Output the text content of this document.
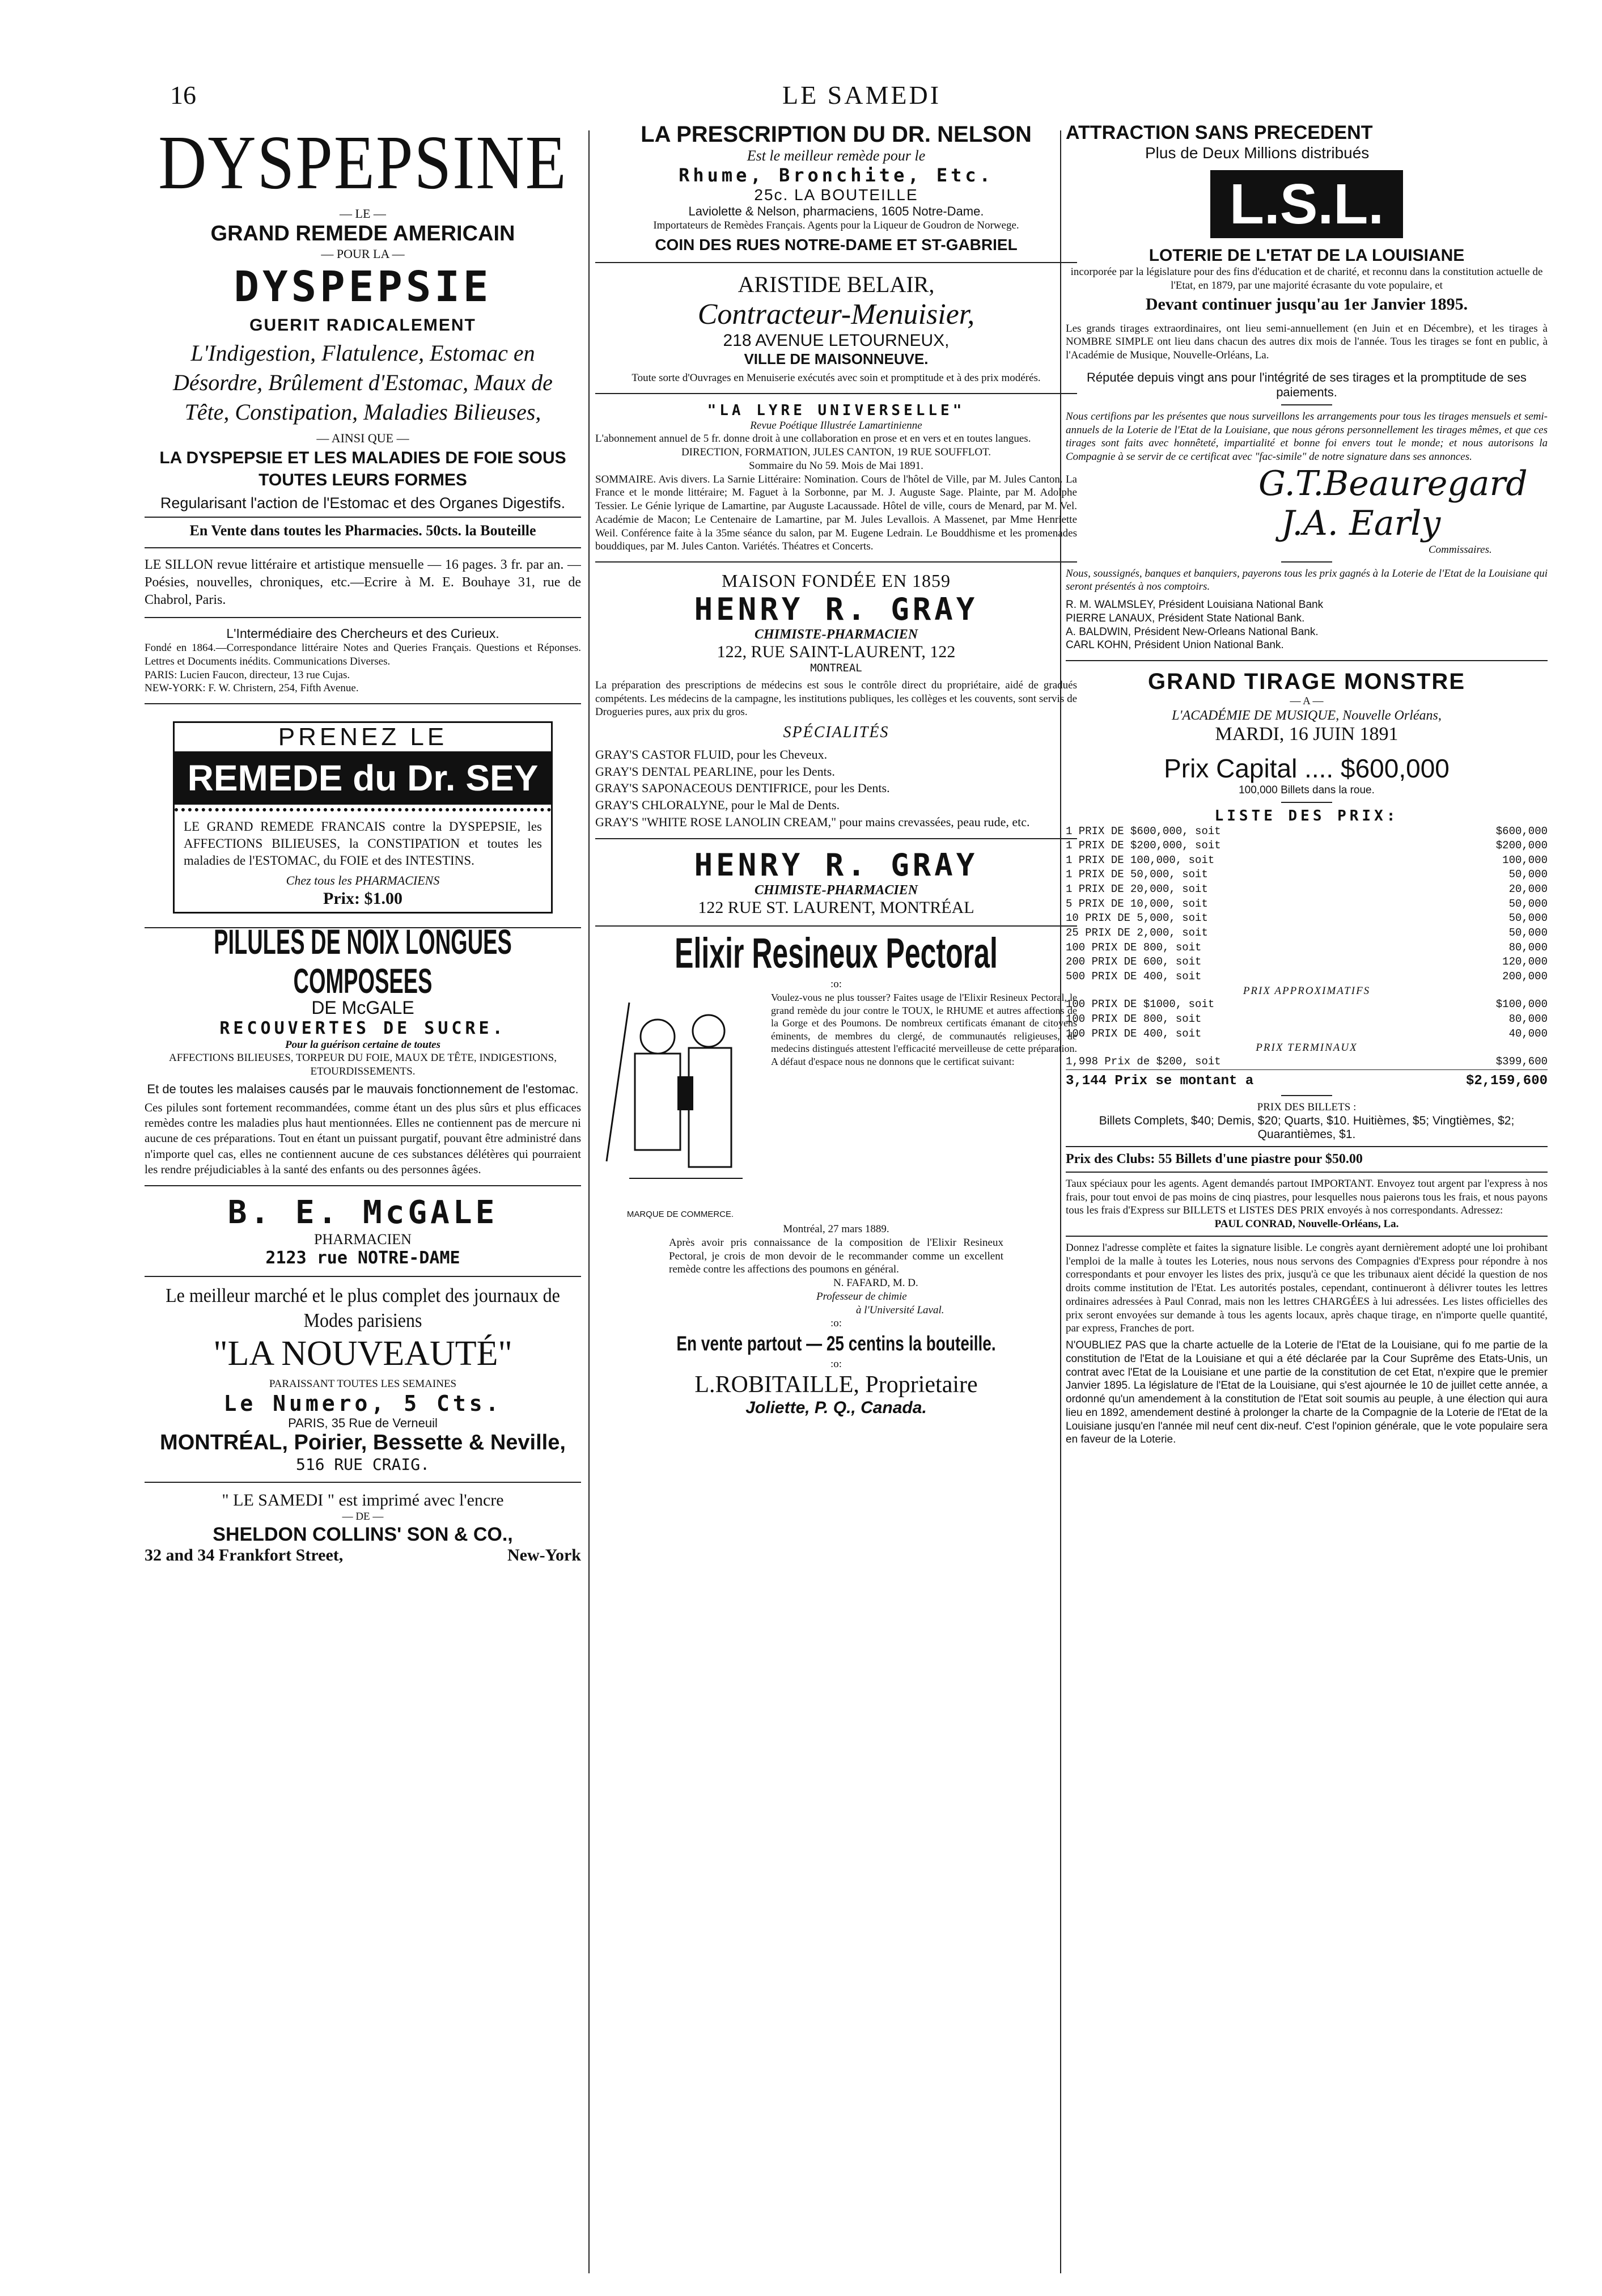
16	LE SAMEDI
DYSPEPSINE
— LE —
GRAND REMEDE AMERICAIN
— POUR LA —
DYSPEPSIE
GUERIT RADICALEMENT
L'Indigestion, Flatulence, Estomac en Désordre, Brûlement d'Estomac, Maux de Tête, Constipation, Maladies Bilieuses,
— AINSI QUE —
LA DYSPEPSIE ET LES MALADIES DE FOIE SOUS TOUTES LEURS FORMES
Regularisant l'action de l'Estomac et des Organes Digestifs.
En Vente dans toutes les Pharmacies. 50cts. la Bouteille
LE SILLON revue littéraire et artistique mensuelle — 16 pages. 3 fr. par an. —Poésies, nouvelles, chroniques, etc.—Ecrire à M. E. Bouhaye 31, rue de Chabrol, Paris.
L'Intermédiaire des Chercheurs et des Curieux.
Fondé en 1864.—Correspondance littéraire Notes and Queries Français. Questions et Réponses. Lettres et Documents inédits. Communications Diverses.
PARIS: Lucien Faucon, directeur, 13 rue Cujas.
NEW-YORK: F. W. Christern, 254, Fifth Avenue.
PRENEZ LE
REMEDE du Dr. SEY
LE GRAND REMEDE FRANCAIS contre la DYSPEPSIE, les AFFECTIONS BILIEUSES, la CONSTIPATION et toutes les maladies de l'ESTOMAC, du FOIE et des INTESTINS.
Chez tous les PHARMACIENS
Prix: $1.00
PILULES DE NOIX LONGUES COMPOSEES
DE McGALE
RECOUVERTES DE SUCRE.
Pour la guérison certaine de toutes
AFFECTIONS BILIEUSES, TORPEUR DU FOIE, MAUX DE TÊTE, INDIGESTIONS, ETOURDISSEMENTS.
Et de toutes les malaises causés par le mauvais fonctionnement de l'estomac.
Ces pilules sont fortement recommandées, comme étant un des plus sûrs et plus efficaces remèdes contre les maladies plus haut mentionnées. Elles ne contiennent pas de mercure ni aucune de ces préparations. Tout en étant un puissant purgatif, pouvant être administré dans n'importe quel cas, elles ne contiennent aucune de ces substances délétères qui pourraient les rendre préjudiciables à la santé des enfants ou des personnes âgées.
B. E. McGALE
PHARMACIEN
2123 rue NOTRE-DAME
Le meilleur marché et le plus complet des journaux de Modes parisiens
"LA NOUVEAUTÉ"
PARAISSANT TOUTES LES SEMAINES
Le Numero, 5 Cts.
PARIS, 35 Rue de Verneuil
MONTRÉAL, Poirier, Bessette & Neville,
516 RUE CRAIG.
" LE SAMEDI " est imprimé avec l'encre
— DE —
SHELDON COLLINS' SON & CO.,
32 and 34 Frankfort Street,	New-York
LA PRESCRIPTION DU DR. NELSON
Est le meilleur remède pour le
Rhume, Bronchite, Etc.
25c. LA BOUTEILLE
Laviolette & Nelson, pharmaciens, 1605 Notre-Dame.
Importateurs de Remèdes Français. Agents pour la Liqueur de Goudron de Norwege.
COIN DES RUES NOTRE-DAME ET ST-GABRIEL
ARISTIDE BELAIR,
Contracteur-Menuisier,
218 AVENUE LETOURNEUX,
VILLE DE MAISONNEUVE.
Toute sorte d'Ouvrages en Menuiserie exécutés avec soin et promptitude et à des prix modérés.
"LA LYRE UNIVERSELLE"
Revue Poétique Illustrée Lamartinienne
L'abonnement annuel de 5 fr. donne droit à une collaboration en prose et en vers et en toutes langues.
DIRECTION, FORMATION, JULES CANTON, 19 RUE SOUFFLOT.
Sommaire du No 59. Mois de Mai 1891.
SOMMAIRE. Avis divers. La Sarnie Littéraire: Nomination. Cours de l'hôtel de Ville, par M. Jules Canton. La France et le monde littéraire; M. Faguet à la Sorbonne, par M. J. Auguste Sage. Plainte, par M. Adolphe Tessier. Le Génie lyrique de Lamartine, par Auguste Lacaussade. Hôtel de ville, cours de Menard, par M. Vel. Académie de Macon; Le Centenaire de Lamartine, par M. Jules Levallois. A Massenet, par Mme Henriette Weil. Conférence faite à la 35me séance du salon, par M. Eugene Ledrain. Le Bouddhisme et les promenades bouddiques, par M. Jules Canton. Variétés. Théatres et Concerts.
MAISON FONDÉE EN 1859
HENRY R. GRAY
CHIMISTE-PHARMACIEN
122, RUE SAINT-LAURENT, 122
MONTREAL
La préparation des prescriptions de médecins est sous le contrôle direct du propriétaire, aidé de gradués compétents. Les médecins de la campagne, les institutions publiques, les collèges et les couvents, sont servis de Drogueries pures, aux prix du gros.
SPÉCIALITÉS
GRAY'S CASTOR FLUID, pour les Cheveux.
GRAY'S DENTAL PEARLINE, pour les Dents.
GRAY'S SAPONACEOUS DENTIFRICE, pour les Dents.
GRAY'S CHLORALYNE, pour le Mal de Dents.
GRAY'S "WHITE ROSE LANOLIN CREAM," pour mains crevassées, peau rude, etc.
HENRY R. GRAY
CHIMISTE-PHARMACIEN
122 RUE ST. LAURENT, MONTRÉAL
Elixir Resineux Pectoral
:o:
MARQUE DE COMMERCE.
Voulez-vous ne plus tousser? Faites usage de l'Elixir Resineux Pectoral, le grand remède du jour contre le TOUX, le RHUME et autres affections de la Gorge et des Poumons. De nombreux certificats émanant de citoyens éminents, de membres du clergé, de communautés religieuses, de medecins distingués attestent l'efficacité merveilleuse de cette préparation. A défaut d'espace nous ne donnons que le certificat suivant:
Montréal, 27 mars 1889.
Après avoir pris connaissance de la composition de l'Elixir Resineux Pectoral, je crois de mon devoir de le recommander comme un excellent remède contre les affections des poumons en général.
N. FAFARD, M. D.
Professeur de chimie
à l'Université Laval.
:o:
En vente partout — 25 centins la bouteille.
:o:
L.ROBITAILLE, Proprietaire
Joliette, P. Q., Canada.
ATTRACTION SANS PRECEDENT
Plus de Deux Millions distribués
L.S.L.
LOTERIE DE L'ETAT DE LA LOUISIANE
incorporée par la législature pour des fins d'éducation et de charité, et reconnu dans la constitution actuelle de l'Etat, en 1879, par une majorité écrasante du vote populaire, et
Devant continuer jusqu'au 1er Janvier 1895.
Les grands tirages extraordinaires, ont lieu semi-annuellement (en Juin et en Décembre), et les tirages à NOMBRE SIMPLE ont lieu dans chacun des autres dix mois de l'année. Tous les tirages se font en public, à l'Académie de Musique, Nouvelle-Orléans, La.
Réputée depuis vingt ans pour l'intégrité de ses tirages et la promptitude de ses paiements.
Nous certifions par les présentes que nous surveillons les arrangements pour tous les tirages mensuels et semi-annuels de la Loterie de l'Etat de la Louisiane, que nous gérons personnellement les tirages mêmes, et que ces tirages sont faits avec honnêteté, impartialité et bonne foi envers tout le monde; et nous autorisons la Compagnie à se servir de ce certificat avec "fac-simile" de notre signature dans ses annonces.
G.T.Beauregard
J.A. Early
Commissaires.
Nous, soussignés, banques et banquiers, payerons tous les prix gagnés à la Loterie de l'Etat de la Louisiane qui seront présentés à nos comptoirs.
R. M. WALMSLEY, Président Louisiana National Bank
PIERRE LANAUX, Président State National Bank.
A. BALDWIN, Président New-Orleans National Bank.
CARL KOHN, Président Union National Bank.
GRAND TIRAGE MONSTRE
— A —
L'ACADÉMIE DE MUSIQUE, Nouvelle Orléans,
MARDI, 16 JUIN 1891
Prix Capital .... $600,000
100,000 Billets dans la roue.
LISTE DES PRIX:
1 PRIX DE $600,000, soit	$600,000
1 PRIX DE $200,000, soit	$200,000
1 PRIX DE 100,000, soit	100,000
1 PRIX DE 50,000, soit	50,000
1 PRIX DE 20,000, soit	20,000
5 PRIX DE 10,000, soit	50,000
10 PRIX DE 5,000, soit	50,000
25 PRIX DE 2,000, soit	50,000
100 PRIX DE 800, soit	80,000
200 PRIX DE 600, soit	120,000
500 PRIX DE 400, soit	200,000
PRIX APPROXIMATIFS
100 PRIX DE $1000, soit	$100,000
100 PRIX DE 800, soit	80,000
100 PRIX DE 400, soit	40,000
PRIX TERMINAUX
1,998 Prix de $200, soit	$399,600
3,144 Prix se montant a	$2,159,600
PRIX DES BILLETS :
Billets Complets, $40; Demis, $20; Quarts, $10. Huitièmes, $5; Vingtièmes, $2; Quarantièmes, $1.
Prix des Clubs: 55 Billets d'une piastre pour $50.00
Taux spéciaux pour les agents. Agent demandés partout IMPORTANT. Envoyez tout argent par l'express à nos frais, pour tout envoi de pas moins de cinq piastres, pour lesquelles nous paierons tous les frais, et nous payons tous les frais d'Express sur BILLETS et LISTES DES PRIX envoyés à nos correspondants. Adressez:
PAUL CONRAD, Nouvelle-Orléans, La.
Donnez l'adresse complète et faites la signature lisible. Le congrès ayant dernièrement adopté une loi prohibant l'emploi de la malle à toutes les Loteries, nous nous servons des Compagnies d'Express pour répondre à nos correspondants et pour envoyer les listes des prix, jusqu'à ce que les tribunaux aient décidé la question de nos droits comme institution de l'Etat. Les autorités postales, cependant, continueront à délivrer toutes les lettres ordinaires adressées à Paul Conrad, mais non les lettres CHARGÉES à lui adressées. Les listes officielles des prix seront envoyées sur demande à tous les agents locaux, après chaque tirage, en n'importe quelle quantité, par express, Franches de port.
N'OUBLIEZ PAS que la charte actuelle de la Loterie de l'Etat de la Louisiane, qui fo me partie de la constitution de l'Etat de la Louisiane et qui a été déclarée par la Cour Suprême des Etats-Unis, un contrat avec l'Etat de la Louisiane et une partie de la constitution de cet Etat, n'expire que le premier Janvier 1895. La législature de l'Etat de la Louisiane, qui s'est ajournée le 10 de juillet cette année, a ordonné qu'un amendement à la constitution de l'Etat soit soumis au peuple, à une élection qui aura lieu en 1892, amendement destiné à prolonger la charte de la Compagnie de la Loterie de l'Etat de la Louisiane jusqu'en l'année mil neuf cent dix-neuf. C'est l'opinion générale, que le vote populaire sera en faveur de la Loterie.
